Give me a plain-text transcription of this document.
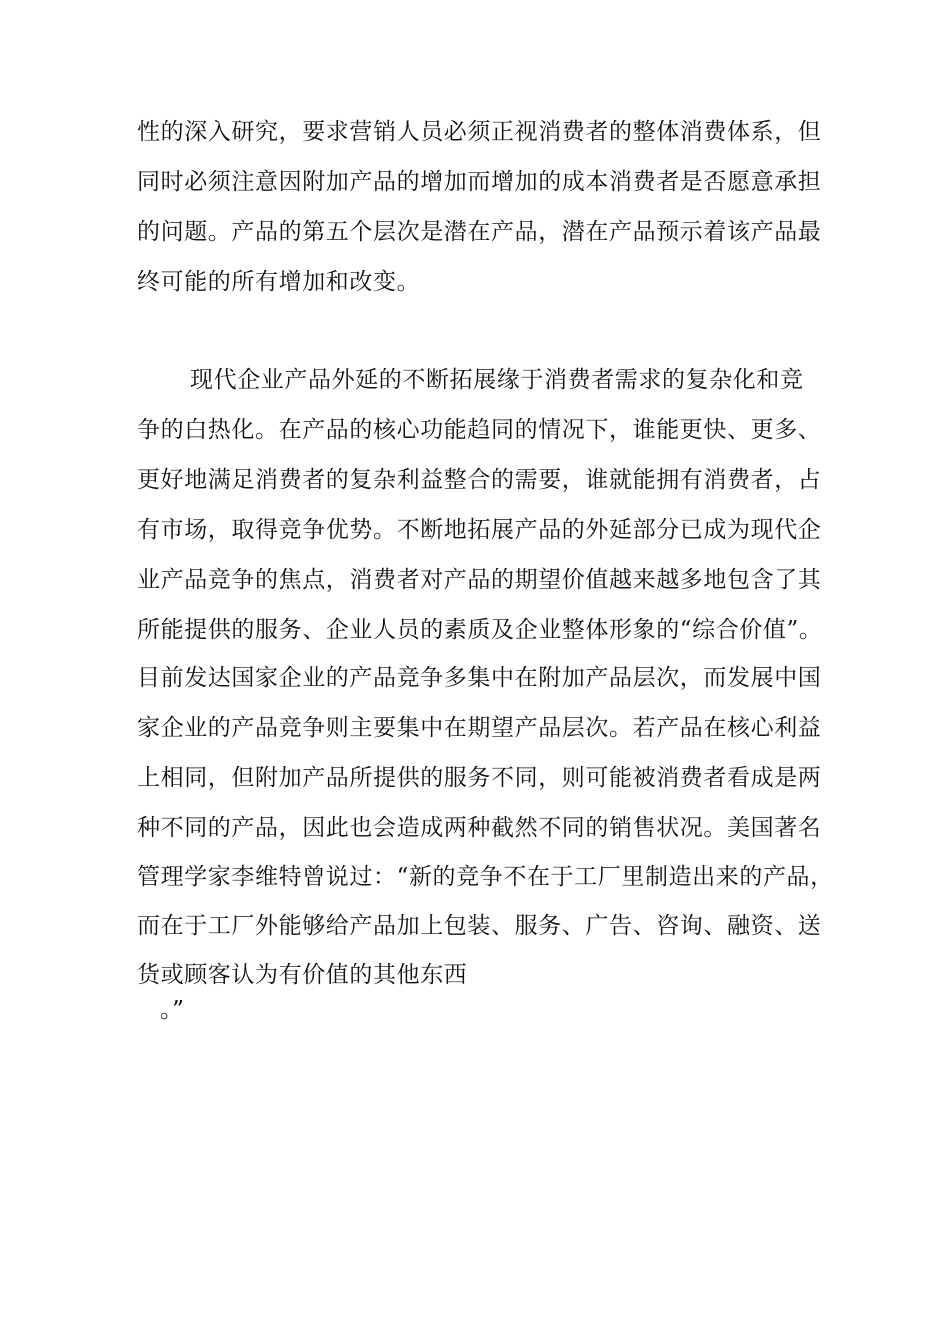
性的深入研究，要求营销人员必须正视消费者的整体消费体系，但
同时必须注意因附加产品的增加而增加的成本消费者是否愿意承担
的问题。产品的第五个层次是潜在产品，潜在产品预示着该产品最
终可能的所有增加和改变。
现代企业产品外延的不断拓展缘于消费者需求的复杂化和竞
争的白热化。在产品的核心功能趋同的情况下，谁能更快、更多、
更好地满足消费者的复杂利益整合的需要，谁就能拥有消费者，占
有市场，取得竞争优势。不断地拓展产品的外延部分已成为现代企
业产品竞争的焦点，消费者对产品的期望价值越来越多地包含了其
所能提供的服务、企业人员的素质及企业整体形象的“综合价值”。
目前发达国家企业的产品竞争多集中在附加产品层次，而发展中国
家企业的产品竞争则主要集中在期望产品层次。若产品在核心利益
上相同，但附加产品所提供的服务不同，则可能被消费者看成是两
种不同的产品，因此也会造成两种截然不同的销售状况。美国著名
管理学家李维特曾说过：“新的竞争不在于工厂里制造出来的产品，
而在于工厂外能够给产品加上包装、服务、广告、咨询、融资、送
货或顾客认为有价值的其他东西
。”
